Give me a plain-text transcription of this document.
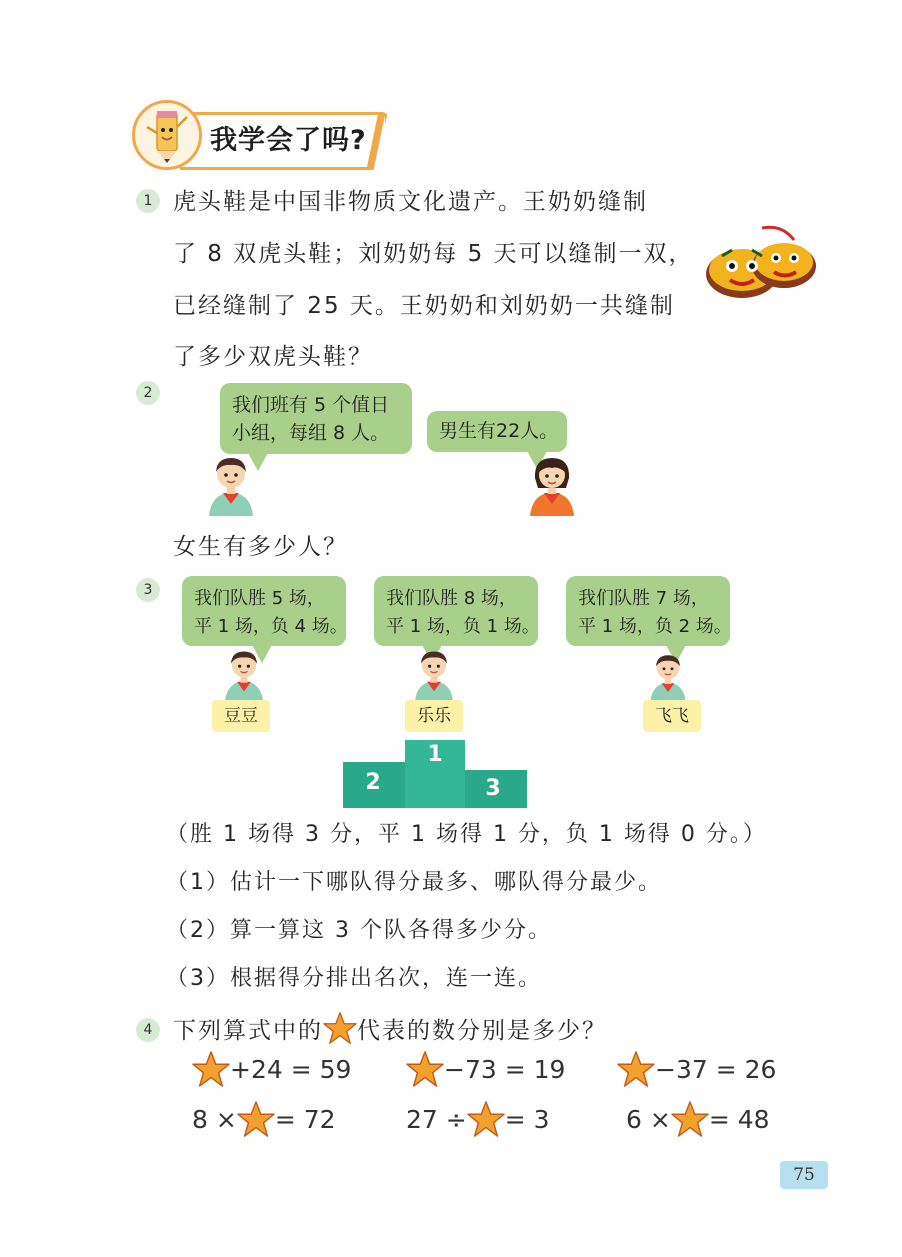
我学会了吗?
1 虎头鞋是中国非物质文化遗产。王奶奶缝制
了 8 双虎头鞋；刘奶奶每 5 天可以缝制一双，
已经缝制了 25 天。王奶奶和刘奶奶一共缝制
了多少双虎头鞋？
2
我们班有 5 个值日
小组，每组 8 人。	男生有22人。
女生有多少人？
3	我们队胜 5 场，
平 1 场，负 4 场。
我们队胜 8 场，
平 1 场，负 1 场。
我们队胜 7 场，
平 1 场，负 2 场。
豆豆	乐乐	飞飞
1
2	3
（胜 1 场得 3 分，平 1 场得 1 分，负 1 场得 0 分。）
（1）估计一下哪队得分最多、哪队得分最少。
（2）算一算这 3 个队各得多少分。
（3）根据得分排出名次，连一连。
4 下列算式中的 代表的数分别是多少？
+24 = 59	−73 = 19	−37 = 26
8 × = 72	27 ÷ = 3	6 × = 48
75
